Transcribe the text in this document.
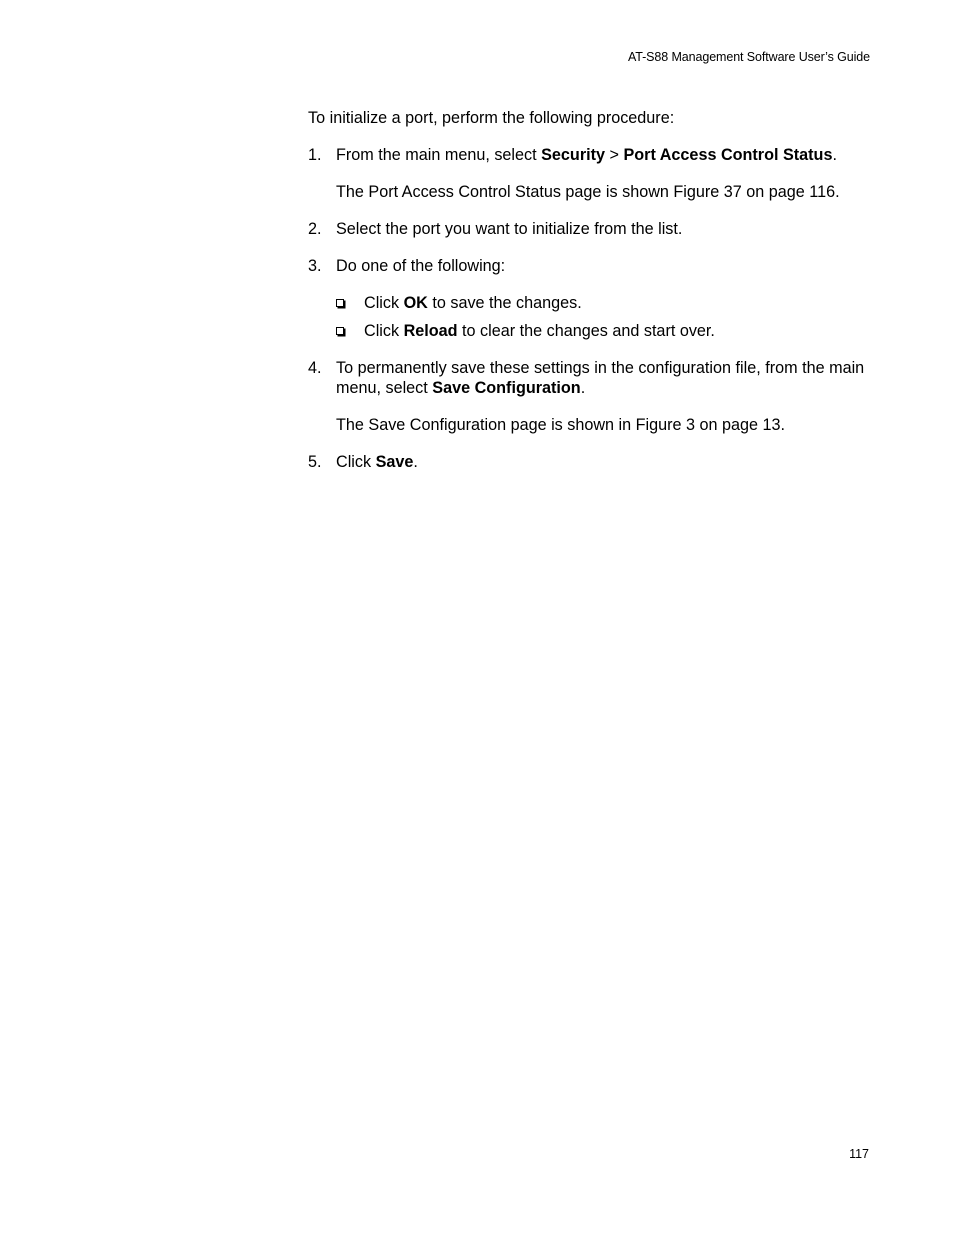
AT-S88 Management Software User’s Guide

To initialize a port, perform the following procedure:

1. From the main menu, select Security > Port Access Control Status.

The Port Access Control Status page is shown Figure 37 on page 116.

2. Select the port you want to initialize from the list.

3. Do one of the following:

Click OK to save the changes.
Click Reload to clear the changes and start over.
4. To permanently save these settings in the configuration file, from the main menu, select Save Configuration.

The Save Configuration page is shown in Figure 3 on page 13.

5. Click Save.

117
